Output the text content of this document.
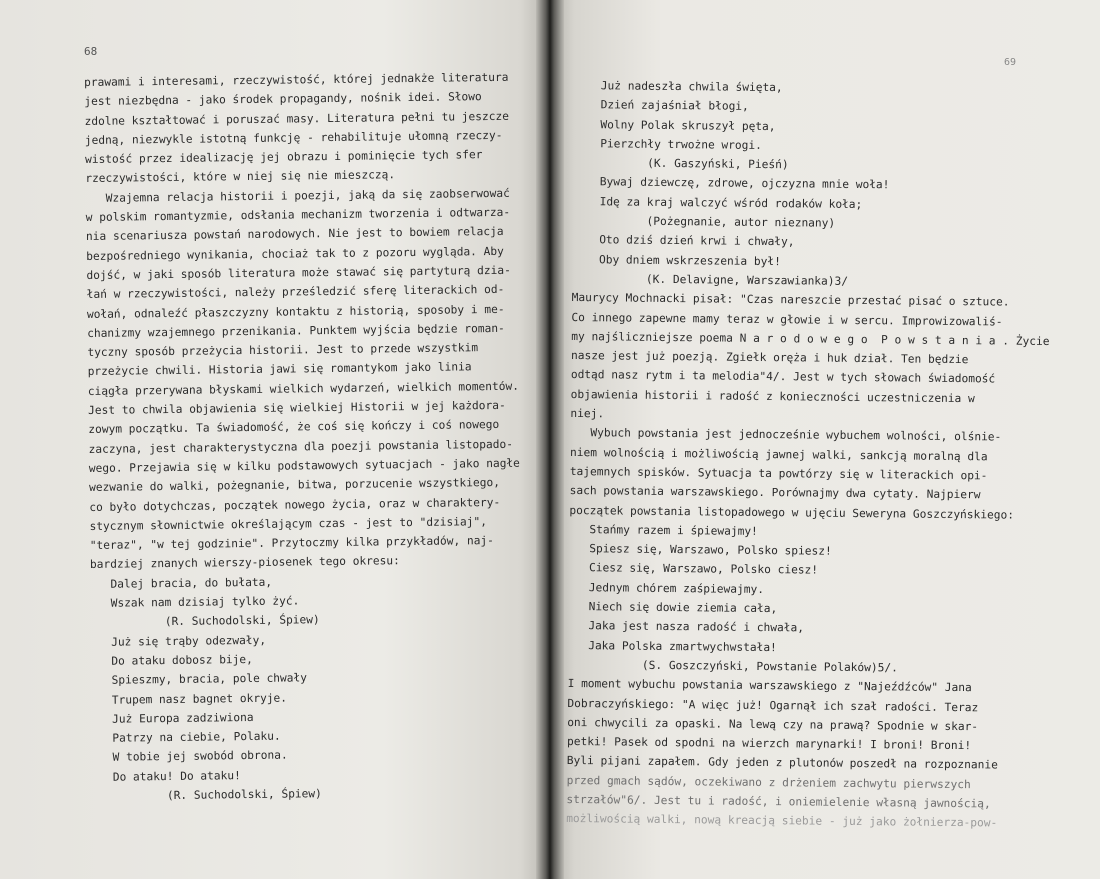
68
prawami i interesami, rzeczywistość, której jednakże literatura
jest niezbędna - jako środek propagandy, nośnik idei. Słowo
zdolne kształtować i poruszać masy. Literatura pełni tu jeszcze
jedną, niezwykle istotną funkcję - rehabilituje ułomną rzeczy-
wistość przez idealizację jej obrazu i pominięcie tych sfer
rzeczywistości, które w niej się nie mieszczą.
Wzajemna relacja historii i poezji, jaką da się zaobserwować
w polskim romantyzmie, odsłania mechanizm tworzenia i odtwarza-
nia scenariusza powstań narodowych. Nie jest to bowiem relacja
bezpośredniego wynikania, chociaż tak to z pozoru wygląda. Aby
dojść, w jaki sposób literatura może stawać się partyturą dzia-
łań w rzeczywistości, należy prześledzić sferę literackich od-
wołań, odnaleźć płaszczyzny kontaktu z historią, sposoby i me-
chanizmy wzajemnego przenikania. Punktem wyjścia będzie roman-
tyczny sposób przeżycia historii. Jest to przede wszystkim
przeżycie chwili. Historia jawi się romantykom jako linia
ciągła przerywana błyskami wielkich wydarzeń, wielkich momentów.
Jest to chwila objawienia się wielkiej Historii w jej każdora-
zowym początku. Ta świadomość, że coś się kończy i coś nowego
zaczyna, jest charakterystyczna dla poezji powstania listopado-
wego. Przejawia się w kilku podstawowych sytuacjach - jako nagłe
wezwanie do walki, pożegnanie, bitwa, porzucenie wszystkiego,
co było dotychczas, początek nowego życia, oraz w charaktery-
stycznym słownictwie określającym czas - jest to "dzisiaj",
"teraz", "w tej godzinie". Przytoczmy kilka przykładów, naj-
bardziej znanych wierszy-piosenek tego okresu:
Dalej bracia, do bułata,
Wszak nam dzisiaj tylko żyć.
(R. Suchodolski, Śpiew)
Już się trąby odezwały,
Do ataku dobosz bije,
Spieszmy, bracia, pole chwały
Trupem nasz bagnet okryje.
Już Europa zadziwiona
Patrzy na ciebie, Polaku.
W tobie jej swobód obrona.
Do ataku! Do ataku!
(R. Suchodolski, Śpiew)
69
Już nadeszła chwila święta,
Dzień zajaśniał błogi,
Wolny Polak skruszył pęta,
Pierzchły trwożne wrogi.
(K. Gaszyński, Pieśń)
Bywaj dziewczę, zdrowe, ojczyzna mnie woła!
Idę za kraj walczyć wśród rodaków koła;
(Pożegnanie, autor nieznany)
Oto dziś dzień krwi i chwały,
Oby dniem wskrzeszenia był!
(K. Delavigne, Warszawianka)3/
Maurycy Mochnacki pisał: "Czas nareszcie przestać pisać o sztuce.
Co innego zapewne mamy teraz w głowie i w sercu. Improwizowaliś-
my najśliczniejsze poema N a r o d o w e g o  P o w s t a n i a . Życie
nasze jest już poezją. Zgiełk oręża i huk dział. Ten będzie
odtąd nasz rytm i ta melodia"4/. Jest w tych słowach świadomość
objawienia historii i radość z konieczności uczestniczenia w
niej.
Wybuch powstania jest jednocześnie wybuchem wolności, olśnie-
niem wolnością i możliwością jawnej walki, sankcją moralną dla
tajemnych spisków. Sytuacja ta powtórzy się w literackich opi-
sach powstania warszawskiego. Porównajmy dwa cytaty. Najpierw
początek powstania listopadowego w ujęciu Seweryna Goszczyńskiego:
Stańmy razem i śpiewajmy!
Spiesz się, Warszawo, Polsko spiesz!
Ciesz się, Warszawo, Polsko ciesz!
Jednym chórem zaśpiewajmy.
Niech się dowie ziemia cała,
Jaka jest nasza radość i chwała,
Jaka Polska zmartwychwstała!
(S. Goszczyński, Powstanie Polaków)5/.
I moment wybuchu powstania warszawskiego z "Najeźdźców" Jana
Dobraczyńskiego: "A więc już! Ogarnął ich szał radości. Teraz
oni chwycili za opaski. Na lewą czy na prawą? Spodnie w skar-
petki! Pasek od spodni na wierzch marynarki! I broni! Broni!
Byli pijani zapałem. Gdy jeden z plutonów poszedł na rozpoznanie
przed gmach sądów, oczekiwano z drżeniem zachwytu pierwszych
strzałów"6/. Jest tu i radość, i oniemielenie własną jawnością,
możliwością walki, nową kreacją siebie - już jako żołnierza-pow-
